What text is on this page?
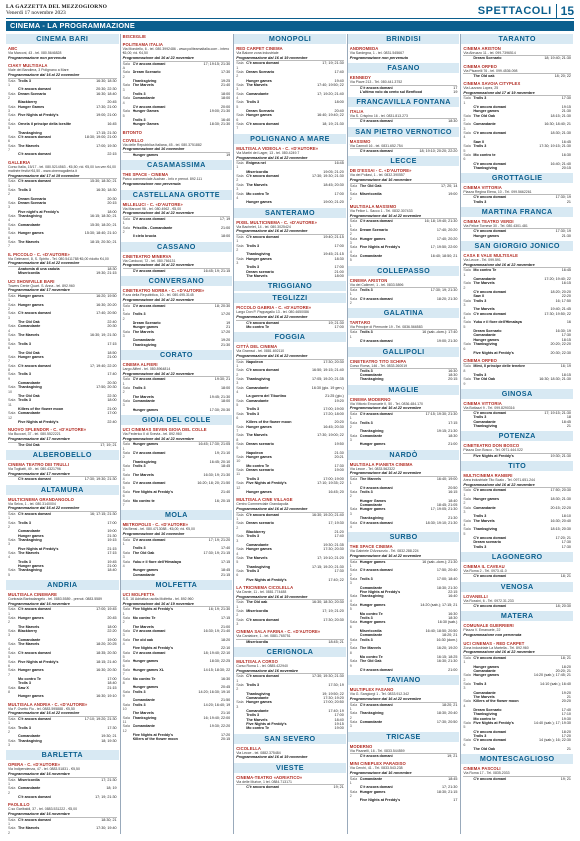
LA GAZZETTA DEL MEZZOGIORNO
Venerdì 17 novembre 2023	SPETTACOLI 15
CINEMA - LA PROGRAMMAZIONE
CINEMA BARI
ABC
Via Marconi, 43 - tel. 080.5646828
Programmazione non pervenuta
CIAKY MULTISALA
Viale dei Bandiera, 3 Polignano a Mare
Programmazione dal 16 al 22 novembre
Sala 1
Trolls 3	16:30; 18:30
C'è ancora domani	20:30; 22:30
Sala 2
Dream Scenario	16:30; 18:40
Blackberry	20:45
Sala 3
Hunger Games	17:30; 21:00
Sala 4
Five Nights at Freddy's	19:00; 21:00
Sala 5
Ornela il principe della Iceslite	16:45
Thanksgiving	17:15; 21:30
Sala 6
C'è ancora domani	18:30; 19:00; 21:00
Sala 7
The Marvels	17:00; 19:30
C'è ancora domani	22:15
GALLERIA
Corso Italia, 15/17 - tel. 080.5214563 - €6,50; rid. €5,00 lun.ven €4,00 matinée festivi €4,50 - www.cinemagalleria.it
Programmazione dal 17 al 19 novembre
Sala 1
C'è ancora domani	15:30; 18:30; 21
Sala 2
Trolls 3	16:30; 18:30
Dream Scenario	20:30
Sala 3
Dream Scenario	20:15
Five night's at Freddy's	18:00
Sala 4
Thanksgiving	16:15; 18:30; 21
Sala 5
Comandante	15:30; 18:20; 21
Sala 6
Hunger games	15:30; 18:40; 21:10
Sala 7
The Marvels	18:15; 20:30; 21
IL PICCOLO - C. «D'AUTORE»
Via Gelmanni, 8, S. Spirito - Tel. 080.5411788 €6,00 ridotto €4,00
Programmazione dal 16 al 22 novembre
Anatomia di una caduta	18:30
Misericordia	19:30; 21:15
UCI SHOWVILLE BARI
Towers Cente Quart. S. Anna - tel. 892.960
Programmazione dal 17 novembre
Sala 1
Hunger games	16:20; 19:50
Sala 2
Hunger games	16:30; 20:20
Sala 3
C'è ancora domani	17:40; 20:50
The Old Oak	22:40
Sala 4
Comandante	20:30
Sala 5
The Marvels	16:30; 19; 21:30
Sala 6
Trolls 3	17:15
The Old Oak	18:50
Sala 7
Hunger games	21:00
Sala 8
C'è ancora domani	17; 19:40; 22:20
Sala 9
Trolls 3	17:40
Comandante	20:30
Sala 10
Thanksgiving	17:50; 20:30
The Old Oak	22:30
Sala 11
Trolls 3	18:00
Killers of the flower moon	21:00
Sala 12
Comandante	17:00
Five Nights at Freddy's	22:40
NUOVO SPLENDOR - C. «D'AUTORE»
Via Buccari, 37 - tel. 080.5522221
Programmazione dal 17 novembre
The Old Oak	17; 19; 21
ALBEROBELLO
CINEMA TEATRO DEI TRULLI
Via Togliatti, 49 - tel. 080.4321796
Programmazione dal 17 novembre
C'è ancora domani	17:30; 19:30; 21:30
ALTAMURA
MULTICINEMA GRANDANGOLO
Via Selva, 1 - tel. 080.3140004
Programmazione dal 16 al 22 novembre
Sala 1
C'è ancora domani	16; 17:15; 21:30
Sala 2
Trolls 3	17:00
Comandante	19:00
Hunger games	21:30
Sala 3
Thanksgiving	19:15
Five Nights at Freddy's	21:15
Sala 4
The Marvels	17:15
Trolls 3	19:45
Hunger games	21:00
Sala 5
Thanksgiving	18:40
ANDRIA
MULTISALA CINEMARE
Contrada Barbadangelo - tel. 0883.5589 - prenot. 0883.5589
Programmazione dal 16 novembre
Sala 1
C'è ancora domani	17:00; 19:45
Sala 2
Hunger games	20:45
The Marvels	18:00
Sala 3
Blackberry	22:20
Comandante	19:00
Sala 4
The Marvels	18:20; 20:25
Sala 5
C'è ancora domani	18:35; 20:30
Sala 6
Five Nights at Freddy's	18:15; 21:40
Sala 7
Hunger games	16:30; 20:30
Mo contro Te	17:00
Trolls 3	18:40
Sala 8
Saw X	21:15
Hunger games	16:30; 19:10
MULTISALA ANDRIA - C. «D'AUTORE»
Via F. Ovetto Flu - tel. 0883.595888 - €5,50
Programmazione dal 16 al 22 novembre
Sala 1
C'è ancora domani	17:10; 19:20; 21:30
Sala 2
Trolls 3	17:30
Comandante	19:30; 21
Sala 3
Thanksgiving	18; 19:30
BARLETTA
OPERA - C. «D'AUTORE»
Via Indipendenza, 47 - tel. 0883.51831 - €5,50
Programmazione dal 16 novembre
Sala 1
Misericordia	17; 21:30
Sala 2
Comandante	18; 19
C'è ancora domani	17; 19; 21:30
PAOLILLO
C.so Garibaldi, 37 - tel. 0883.531222 - €5,00
Programmazione dal 16 novembre
Sala 1
C'è ancora domani	18:30; 21
Sala 2
The Marvels	17:30; 19:40
BISCEGLIE
POLITEAMA ITALIA
Via Mondello, 6 - tel. 080.3992486 - www.politeamaitalia.com - intero €6,00; rid. €4,50
Programmazione dal 16 al 22 novembre
Sala A
C'è ancora domani	17; 19:15; 21:30
Sala 2
Dream Scenario	17:30
Thanksgiving	19:25
Sala 3
The Marvels	21:40
Trolls 3	18:00
Sala 4
Comandante	18:00
C'è ancora domani	20:00
Sala 5
Hunger Games	19:00; 21:30
Trolls 3	16:40
Hunger Games	18:30; 21:30
BITONTO
COVELLO
Via delle Repubblica Italiana, 45 - tel. 080.3751882
Programmazione dal 16 novembre
Hunger games	19
CASAMASSIMA
THE SPACE - CINEMA
Parco commerciale Auchan - Info e prenot. 892.111
Programmazione non pervenuta
CASTELLANA GROTTE
MILLELUCI - C. «D'AUTORE»
Via Marconi 96 - tel. 080.4962 - €5,00
Programmazione dal 16 al 22 novembre
Sala 1
C'è ancora domani	17; 19
Sala 2
Priscilla - Comandante	21:00
Il cielo brucia	18:00
CASSANO
CINETEATRO MINERVA
Via Carducci, 72 - tel. 080.766131
Programmazione dal 16 al 22 novembre
C'è ancora domani	16:45; 19; 21:15
CONVERSANO
CINETEATRO NORBA - C. «D'AUTORE»
P.zza della Repubblica, 10 - tel. 080.495.3145
Programmazione dal 16 al 22 novembre
Sala 1
C'è ancora domani	18; 20:30
Sala 2
Trolls 3	17:20
Dream Scenario	19
Hunger games	21
Sala 3
The Marvels	17:20
Comandante	19:20
Thanksgiving	21:30
CORATO
CINEMA ALFIERI
Largo Alfieri - tel. 080.8964814
Programmazione dal 16 al 22 novembre
Sala 1
C'è ancora domani	19:30; 21
Sala 2
Trolls 3	18:00
The Marvels	19:45; 21:30
Sala 3
Comandante	18:00
Hunger games	17:30; 20:30
GIOIA DEL COLLE
UCI CINEMAS SEVEN GIOIA DEL COLLE
Via Federico II di Svevia - tel. 892.960
Programmazione dal 16 al 22 novembre
Sala 1
Hunger games	16:45; 17:30; 21:05
Sala 2
C'è ancora domani	19; 21:10
Thanksgiving	16:45; 20:10
Sala 3
Trolls 3	18:45
Sala 4
The Marvels	16:30; 19; 21:30
Sala 5
C'è ancora domani	16:20; 18; 20; 21:50
Sala 6
Five Nights at Freddy's	21:40
Sala 7
Mo contro te	16; 20:15
MOLA
METROPOLIS - C. «D'AUTORE»
Via Bensi - tel. 080.4713088 - €6,00; rid. €5,00
Programmazione dal 16 novembre
Sala 1
C'è ancora domani	17; 19; 21:20
Trolls 3	17:40
Sala 3
The Old Oak	17:30; 19; 21:15
Sala 4
Yuku e il fiore dell'Himalaya	17:15
Hunger games	18:45
Comandante	21:15
MOLFETTA
UCI MOLFETTA
S.S. 16 Adriatica uscita Molfetta - tel. 892.960
Programmazione dal 16 al 19 novembre
Sala 1
Five Nights at Freddy's	16; 19; 21:30
Sala 2
Mo contro Te	17:15
The Marvels	21:00
Sala 3
C'è ancora domani	16:30; 19; 21:40
Sala 4
The old oak	18:20
Five Nights at Freddy's	22:10
Sala 5
C'è ancora domani	18; 19:40; 22:10
Sala 6
Hunger games	18:30; 22:25
Sala 7
Hunger games XL	14:15; 18:30; 22
Sala 8
Mo contro Te	16:30
Hunger games	20:45
Sala 9
Trolls 3	14:20; 16:30; 19:10
Comandante	21:50
Sala 10
Trolls 3	14:20; 16:40; 19
The Marvels	21:10
Sala 11
Thanksgiving	16; 19:40; 22:00
Sala 12
Comandante	19:30; 22:20
Five Nights at Freddy's	17:20
Killers of the flower moon	20:15
MONOPOLI
RED CARPET CINEMA
Via Baione zona industriale
Programmazione dal 16 al 19 novembre
Sala 1
C'è ancora domani	17; 19; 21:30
Sala 2
Dream Scenario	17:40
Hunger games	19:40
Sala 3
The Marvels	17:40; 19:50; 22
Sala 4
Comandante	17; 19:20; 21:40
Sala 5
Trolls 3	18:00
Dream Scenario	20:40
Sala 6
Hunger games	16:40; 19:40; 22
Sala 7
C'è ancora domani	18; 19; 21:30
POLIGNANO A MARE
MULTISALA VIDEOLA - C. «D'AUTORE»
Via Martiri dei Lager, 13 - tel. 080.4249.7
Programmazione dal 16 al 22 novembre
Sala 1
Enigma nel	16:45
Misericordia	19:05; 21:20
Sala 2
C'è ancora domani	17:30; 19:30; 21:30
Sala 3
The Marvels	18:45; 20:30
Sala 4
Mo contro Te	17:00
Hunger games	19:00; 21:20
SANTERAMO
PIXEL MULTICINEMA - C. «D'AUTORE»
Via Bachelet, 14 - tel. 080.3025424
Programmazione dal 16 al 22 novembre
Sala 1
C'è ancora domani	19:40; 21:15
Sala 2
Trolls 3	17:00
Thanksgiving	19:45; 21:15
Sala 3
Hunger games	18:30
Trolls 3	17:00
Dream scenario	21:00
The Marvels	18:00
TRIGGIANO
TEGLIZZI
PICCOLO GABRIA - C. «D'AUTORE»
Largo Don P. Pappagallo 13 - tel. 080.4650086
Programmazione dal 16 al 22 novembre
C'è ancora domani	19; 21:30
Mo contro Te	17:00
FOGGIA
CITTÀ DEL CINEMA
Via Gramsci - tel. 0881.692110
Programmazione dal 16 al 22 novembre
Sala 1
Napoleon	17:30; 20:30
Sala 2
C'è ancora domani	16:50; 19:15; 21:40
Sala 3
Thanksgiving	17:05; 19:20; 21:35
Sala 4
Comandante	16:30 (gio. 19 gen.)
La guerra del Tiburtino	21:25 (gio.)
Sala 5
Comandante	19:20
Trolls 3	17:00; 19:00
Sala 6
Trolls 3	17:20; 18:00
Killers of the flower moon	20:20
Sala 7
Hunger games	16:45; 20:30
Sala 8
The Marvels	17:30; 19:00; 22
Sala 9
Dream scenario	19:50
Napoleon	21:30
Sala 10
Hunger games	20:21
Mo contro Te	17:30
Sala 11
Dream scenario	19:00
Trolls 3	17:00; 19:00
Sala 12
Five Nights at Freddy's	17:10; 19:35; 22
Hunger games	16:45; 20
MULTISALA CINE VILLAGE
Centro Commerciale Grandapulia
Programmazione dal 16 al 22 novembre
Sala 1
C'è ancora domani	16:30; 19:20; 21:40
Sala 2
Dream scenario	17; 19:30
Blackberry	21:20
Sala 3
Trolls 3	17:40
Comandante	19:30; 21:35
Sala 4
Hunger games	17:30; 20:30
Sala 5
The Marvels	17; 19:10; 21:20
Thanksgiving	17:15; 19:20; 21:30
Sala 6
Trolls 3	17:30
Five Nights at Freddy's	17:40; 22
LA TRICINEMA CICOLELLA
Via Dante, 11 - tel. 0881.774488
Programmazione dal 16 al 19 novembre
Sala 1
The Old oak	16:30; 18:30; 20:30
Sala 2
Misericordia	17; 19; 21:20
Sala 3
C'è ancora domani	17:30; 20:30
CINEMA SALA FARINA - C. «D'AUTORE»
Via Cantatore, 1 - tel. 0881.765751
Misericordia	18:45; 21
CERIGNOLA
MULTISALA CORSO
Corso Roma 1 - tel. 0885.422940
Programmazione dal 16 novembre
Sala 1
C'è ancora domani	17:30; 19:30; 21:30
Sala 2
Trolls 3	17:30; 19
Thanksgiving	19; 19:50; 22
Comandante	17:30; 19:20
Sala 3
Hunger games	17:00; 20:50
Comandante	17:40; 19
Trolls 3	17:00
The Marvels	18:40
Five Nights at Freddy's	19:15
Mo contro Te	19:00
SAN SEVERO
CICOLELLA
Via Lecce - tel. 0882.375484
Programmazione dal 16 al 19 novembre
VIESTE
CINEMA-TEATRO «ADRIATICO»
Via delle Murice, 1 tel. 0884.713171
C'è ancora domani	19; 21
BRINDISI
ANDROMEDA
Via Sardegna, 1 - tel. 0831.545667
Programmazione non pervenuta
FASANO
KENNEDY
Via Piave 213 - Tel. 080.441.3752
C'è ancora domani	17
L'ultimo volo da cento sul Benflood	19
FRANCAVILLA FONTANA
ITALIA
Via S. Crispino 16 - tel. 0831.813.273
C'è ancora domani	18:30
SAN PIETRO VERNOTICO
MASSIMO
Via Cannoli 16 - tel. 0831.652.754
C'è ancora domani	18; 19:10; 20:20; 22:20
LECCE
DB D'ESSAI - C. «D'AUTORE»
Via dei Poliasi, 1 - tel. 0832.390557
Programmazione dal 16 novembre
Sala 1
The Old Oak	17; 20; 14
Sala 2
Misericordia	19:00
MULTISALA MASSIMO
Via Felice L. Sacco 1 - Tel. 0832.307433
Programmazione dal 16 al 22 novembre
Sala 1
C'è ancora domani	16; 18; 19:40; 21:30
Sala 2
Dream Scenario	17:40; 20:20
Sala 3
Hunger games	17:40; 20:20
Sala 4
Five Nights at Freddy's	17; 19:50; 22:00
Sala 5
Comandante	16:40; 18:50; 21
COLLEPASSO
CINEMA ARISTON
Via dei Calimeri, 1 - tel. 0833.5896
Sala 1
Trolls 3	17:30; 19; 21:30
Sala 2
C'è ancora domani	18:20; 21:30
GALATINA
TARTARO
Via Principe di Piemonte 19 - Tel. 0836.566583
Sala 1
Trolls 3	16 (sab.-dom.): 17:40
C'è ancora domani	19:00; 21:30
GALLIPOLI
CINETEATRO TITO SCHIPA
Corso Roma, 146 - Tel. 0833.260019
Trolls 3	16:30
Comandante	18:30
Thanksgiving	20:15
MAGLIE
CINEMA MODERNO
Via Vittorio Emanuele II, 50 - Tel. 0836.484.170
Programmazione dal 16 al 22 novembre
Sala 1
C'è ancora domani	17:15; 19:30; 21:30
Sala 2
Trolls 3	17:15
Thanksgiving	19:15; 21:30
Sala 3
Comandante	18:30
Hunger games	21:00
NARDÒ
MULTISALA PIANETA CINEMA
Via Lecce - Tel. 0833.562322
Programmazione dal 16 al 22 novembre
Sala 1
The Marvels	16:40; 19:00
C'è ancora domani	20:50
Sala 2
Trolls 3	16:15
Hunger Games	18:40
Comandante	18:45; 21:05
Sala 3
Hunger games	17; 19:05; 21:30
Thanksgiving	21:30
Sala 4
C'è ancora domani	18:30; 19:10; 21:30
SURBO
THE SPACE CINEMA
Via Gabriele D'Annunzio - Tel. 0832.288.224
Programmazione dal 16 al 22 novembre
Sala 1
Hunger games	16 (sab.-dom.); 21:30
Sala 2
C'è ancora domani	17:50; 20:40
Sala 3
Trolls 3	17:00; 18:40
Comandante	18:30; 21:30
Five Nights at Freddy's	22:15
Sala 4
Thanksgiving	16:40
Sala 5
Hunger games	14:20 (sab.); 17:15; 21
Mo contro Te	16:30
Trolls 3	18:30
Sala 6
Hunger games	16:30 (sab.)
Misericordia	16:40; 18:50; 20:50
Comandante	18:20; 21
Sala 7
Trolls 3	16:30 (dom.)
Sala 8
The Marvels	16:20; 19:20
Mo contro Te	16:15; 18:25
Sala 9
The Old Oak	16:30; 21:30
C'è ancora domani	21:00
TAVIANO
MULTIPLEX FASANO
Via G. Sangiorgi 1 - Tel. 0833.912.342
Programmazione dal 16 al 22 novembre
Sala 1
C'è ancora domani	18:20; 21
Sala 2
Thanksgiving	18:30; 20:40
Sala 3
Comandante	17:30; 20:50
TRICASE
MODERNO
Via Pisanelli, 16 - Tel. 0833.544559
C'è ancora domani	19; 21
MINI CINEPLEX PARADISO
Via Cerchi, 41 - Tel. 0833.543.238
Programmazione dal 16 novembre
Sala 1
Comandante	18:45
C'è ancora domani	17; 21:30
Sala 2
Hunger games	18:30; 21:15
Five Nights at Freddy's	17
TARANTO
CINEMA ARISTON
Via Abruzzo 11 - tel. 099.7396514
Dream Scenario	18; 19:40; 21:30
CINEMA ORFEO
Via Pisanelli 76 - tel. 099.4536.098
The Old oak	18; 20; 22
CINEMA SAVOIA CITYPLEX
Via Lazzaro Lopez, 25
Programmazione dal 17 al 19 novembre
Sala 1
Trolls 3	17:30
C'è ancora domani	19:15
Hunger games	21:30
Sala 2
The Old Oak	18:15; 21:30
Sala 3
Comandante	16:30; 18:40; 21
Sala 4
C'è ancora domani	18:30; 21:30
Saw X	16:45
Sala 5
Trolls 3	17:30; 19:15; 21:30
Sala 6
Mo contro te	16:30
C'è ancora domani	16:40; 21:40
Thanksgiving	20:15
GROTTAGLIE
CINEMA VITTORIA
Piazza Regina Elena, 10 - Tel. 099.5662261
C'è ancora domani	17:30; 19
Trolls 3	21
MARTINA FRANCA
CINEMA TEATRO VERDI
Via Felice Tornese 30 - Tel. 080.4301.481
C'è ancora domani	17:30; 19
Hunger games	21:30
SAN GIORGIO JONICO
CASA E VALE MULTISALE
Via Lecce - Tel. 099.591
Programmazione dal 16 al 22 novembre
Sala 1
Mo contro Te	16:45
Comandante	17:20; 19:40; 22
Sala 2
The Marvels	16:15
C'è ancora domani	18:20; 20:20
Saw X	22:20
Sala 3
Trolls 3	16; 17:50
The Marvels	19:40; 21:45
Sala 4
C'è ancora domani	17:30; 19:50; 22
Sala 5
Yuku e il fiore dell'Himalaya	16
Dream Scenario	16:30; 19
Comandante	17:30
Hunger games	18:15
Sala 6
Thanksgiving	20:20; 22:20
Five Nights at Freddy's	20:30; 22:30
CINEMA ORFEO
Sala 8
Mimì, Il principe delle tenebre	16; 19
Trolls 3	18:15
Sala 9
The Old Oak	16:30; 18:30; 21:30
GINOSA
CINEMA VITTORIA
Via Bottazzi 9 - Tel. 099.8290316
C'è ancora domani	17; 19:15; 21:30
Trolls 3	18
Comandante	18:45
Thanksgiving	21
POTENZA
CINETEATRO DON BOSCO
Piazza Don Bosco - Tel. 0971.444.022
Five Nights at Freddy's	19:30; 21:30
TITO
MULTICINEMA RANIERI
Area industriale Tito Scalo - Tel. 0971.651.244
Programmazione dal 16 al 22 novembre
Sala 1
C'è ancora domani	17:50; 20:30
Sala 2
Hunger games	18:30; 21:30
Sala 3
Comandante	20:15; 22:20
Trolls 3	18:10
Sala 4
The Marvels	16:30; 20:40
Sala 5
Thanksgiving	18:15; 20:30
C'è ancora domani	17:20; 21
Dream scenario	17:30
Trolls 3	17:30
LAGONEGRO
CINEMA IL CAVEAU
Via Roma 2 - Tel. 0973.41.0
C'è ancora domani	18; 21
VENOSA
LOVANELLI
Via Rossini, 6 - Tel. 0972.31.233
C'è ancora domani	18; 20:30
MATERA
COMUNALE GUERRIERI
Piazza V. Emanuele, 22
Programmazione non pervenuta
UCI CINEMAS - RED CARPET
Zona industriale La Martella - Tel. 892.960
Programmazione dal 16 al 22 novembre
Sala 1
C'è ancora domani	18; 21
Hunger games	18:20
Comandante	20:20; 21
Sala 2
Hunger games	14:20 (sab.); 17:45; 21
Sala 3
Trolls 3	14:10 (sab.); 16:40
Comandante	19:20
The Marvels	21
Sala 4
Killers of the flower moon	20:20
Dream Scenario	17:40
Thanksgiving	17:10
Mo contro te	19:30
Sala 5
Five Nights at Freddy's	14:40 (sab.); 17; 19:30
C'è ancora domani	18:20
Trolls 3	17:20
Sala 6
C'è ancora domani	14 (sab.); 16; 22:30
The Old Oak	21
MONTESCAGLIOSO
CINEMA PASCOLI
Via Roma 17 - Tel. 0835.2033
C'è ancora domani	19; 21
